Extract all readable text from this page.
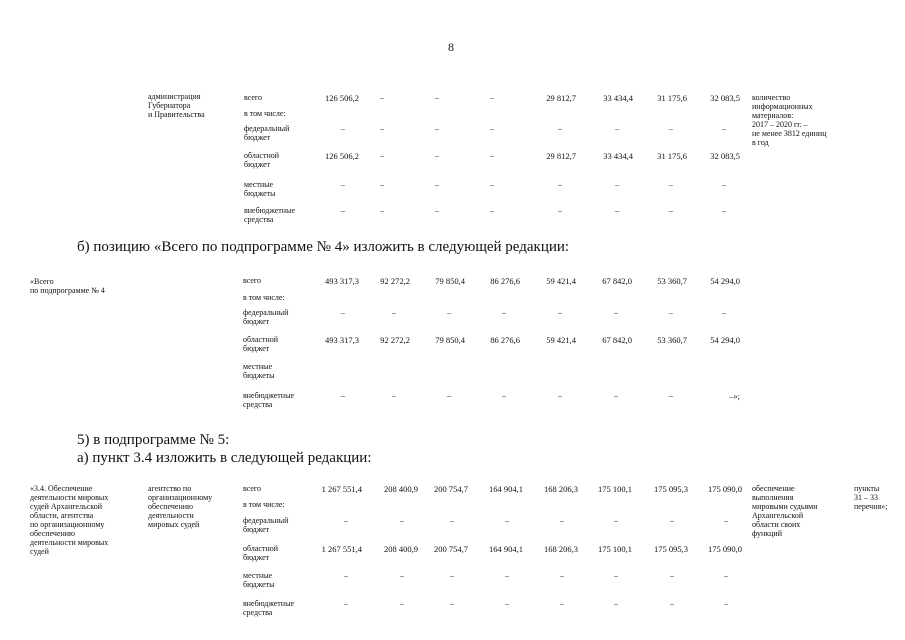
8
администрация
Губернатора
и Правительства
количество
информационных
материалов:
2017 – 2020 гг. –
не менее 3812 единиц
в год
всего	126 506,2	–	–	–	29 812,7	33 434,4	31 175,6	32 083,5
в том числе:
федеральный
бюджет
–	–	–	–	–	–	–	–
областной
бюджет
126 506,2	–	–	–	29 812,7	33 434,4	31 175,6	32 083,5
местные
бюджеты
–	–	–	–	–	–	–	–
внебюджетные
средства
–	–	–	–	–	–	–	–
б) позицию «Всего по подпрограмме № 4» изложить в следующей редакции:
«Всего
по подпрограмме № 4
всего	493 317,3	92 272,2	79 850,4	86 276,6	59 421,4	67 842,0	53 360,7	54 294,0
в том числе:
федеральный
бюджет
–	–	–	–	–	–	–	–
областной
бюджет
493 317,3	92 272,2	79 850,4	86 276,6	59 421,4	67 842,0	53 360,7	54 294,0
местные
бюджеты
внебюджетные
средства
–	–	–	–	–	–	–	–»;
5) в подпрограмме № 5:
а) пункт 3.4 изложить в следующей редакции:
«3.4. Обеспечение
деятельности мировых
судей Архангельской
области, агентства
по организационному
обеспечению
деятельности мировых
судей
агентство по
организационному
обеспечению
деятельности
мировых судей
обеспечение
выполнения
мировыми судьями
Архангельской
области своих
функций
пункты
31 – 33
перечня»;
всего	1 267 551,4	208 400,9	200 754,7	164 904,1	168 206,3	175 100,1	175 095,3	175 090,0
в том числе:
федеральный
бюджет
–	–	–	–	–	–	–	–
областной
бюджет
1 267 551,4	208 400,9	200 754,7	164 904,1	168 206,3	175 100,1	175 095,3	175 090,0
местные
бюджеты
–	–	–	–	–	–	–	–
внебюджетные
средства
–	–	–	–	–	–	–	–
